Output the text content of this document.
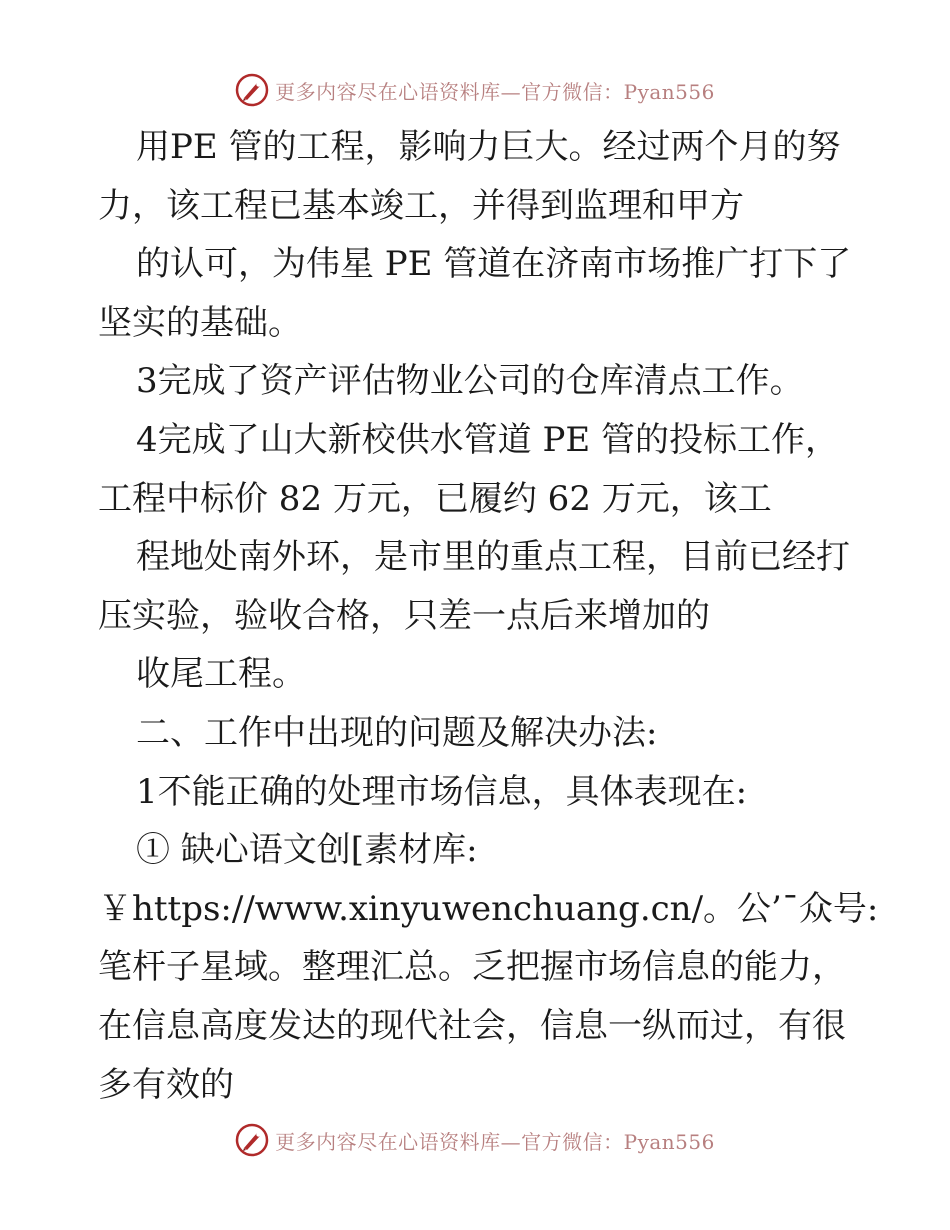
更多内容尽在心语资料库—官方微信：Pyan556
用PE 管的工程，影响力巨大。经过两个月的努
力，该工程已基本竣工，并得到监理和甲方
的认可，为伟星 PE 管道在济南市场推广打下了
坚实的基础。
3完成了资产评估物业公司的仓库清点工作。
4完成了山大新校供水管道 PE 管的投标工作，
工程中标价 82 万元，已履约 62 万元，该工
程地处南外环，是市里的重点工程，目前已经打
压实验，验收合格，只差一点后来增加的
收尾工程。
二、工作中出现的问题及解决办法:
1不能正确的处理市场信息，具体表现在:
① 缺心语文创[素材库:
￥https://www.xinyuwenchuang.cn/。公’¯众号:
笔杆子星域。整理汇总。乏把握市场信息的能力，
在信息高度发达的现代社会，信息一纵而过，有很
多有效的
更多内容尽在心语资料库—官方微信：Pyan556
